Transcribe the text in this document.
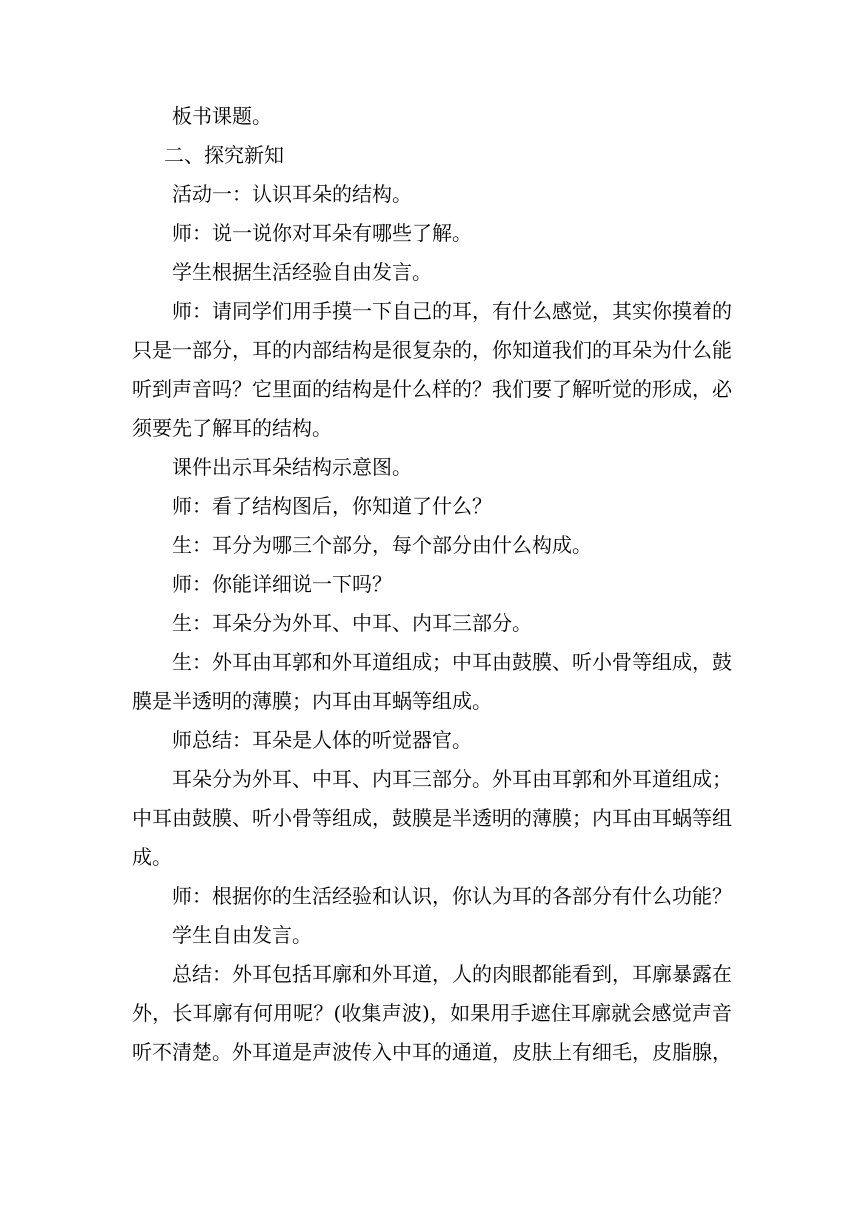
板书课题。

二、探究新知

活动一：认识耳朵的结构。

师：说一说你对耳朵有哪些了解。

学生根据生活经验自由发言。

师：请同学们用手摸一下自己的耳，有什么感觉，其实你摸着的只是一部分，耳的内部结构是很复杂的，你知道我们的耳朵为什么能听到声音吗？它里面的结构是什么样的？我们要了解听觉的形成，必须要先了解耳的结构。

课件出示耳朵结构示意图。

师：看了结构图后，你知道了什么？

生：耳分为哪三个部分，每个部分由什么构成。

师：你能详细说一下吗？

生：耳朵分为外耳、中耳、内耳三部分。

生：外耳由耳郭和外耳道组成；中耳由鼓膜、听小骨等组成，鼓膜是半透明的薄膜；内耳由耳蜗等组成。

师总结：耳朵是人体的听觉器官。

耳朵分为外耳、中耳、内耳三部分。外耳由耳郭和外耳道组成；中耳由鼓膜、听小骨等组成，鼓膜是半透明的薄膜；内耳由耳蜗等组成。

师：根据你的生活经验和认识，你认为耳的各部分有什么功能？

学生自由发言。

总结：外耳包括耳廓和外耳道，人的肉眼都能看到，耳廓暴露在外，长耳廓有何用呢？(收集声波)，如果用手遮住耳廓就会感觉声音听不清楚。外耳道是声波传入中耳的通道，皮肤上有细毛，皮脂腺，
